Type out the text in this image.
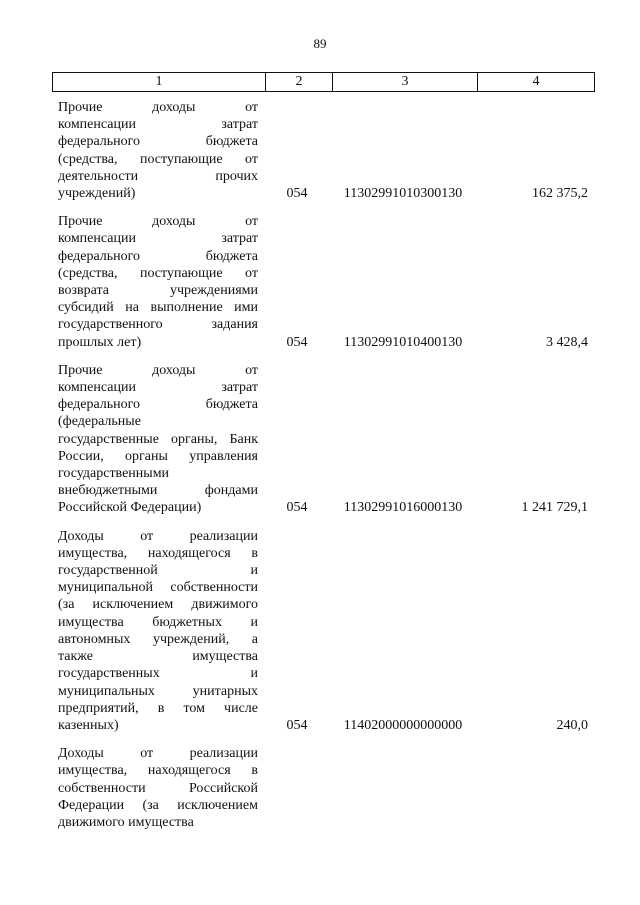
89
1	2	3	4
Прочие доходы от
компенсации затрат
федерального бюджета
(средства, поступающие от
деятельности прочих
учреждений)	054	11302991010300130	162 375,2
Прочие доходы от
компенсации затрат
федерального бюджета
(средства, поступающие от
возврата учреждениями
субсидий на выполнение ими
государственного задания
прошлых лет)	054	11302991010400130	3 428,4
Прочие доходы от
компенсации затрат
федерального бюджета
(федеральные
государственные органы, Банк
России, органы управления
государственными
внебюджетными фондами
Российской Федерации)	054	11302991016000130	1 241 729,1
Доходы от реализации
имущества, находящегося в
государственной и
муниципальной собственности
(за исключением движимого
имущества бюджетных и
автономных учреждений, а
также имущества
государственных и
муниципальных унитарных
предприятий, в том числе
казенных)	054	11402000000000000	240,0
Доходы от реализации
имущества, находящегося в
собственности Российской
Федерации (за исключением
движимого имущества
